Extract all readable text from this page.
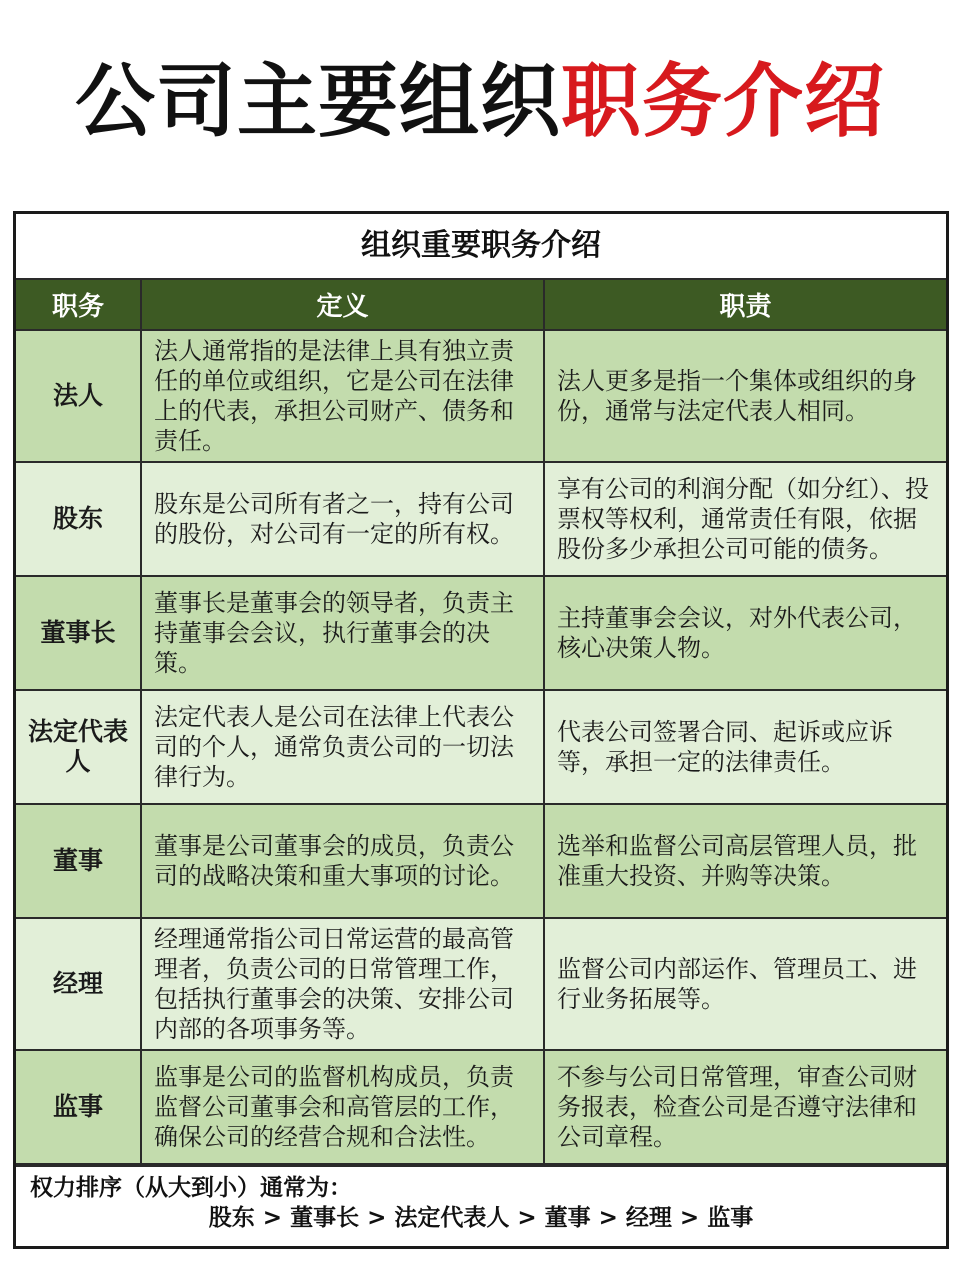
公司主要组织职务介绍
组织重要职务介绍
职务	定义	职责
法人	法人通常指的是法律上具有独立责任的单位或组织，它是公司在法律上的代表，承担公司财产、债务和责任。	法人更多是指一个集体或组织的身份，通常与法定代表人相同。
股东	股东是公司所有者之一，持有公司的股份，对公司有一定的所有权。	享有公司的利润分配（如分红）、投票权等权利，通常责任有限，依据股份多少承担公司可能的债务。
董事长	董事长是董事会的领导者，负责主持董事会会议，执行董事会的决策。	主持董事会会议，对外代表公司，核心决策人物。
法定代表人	法定代表人是公司在法律上代表公司的个人，通常负责公司的一切法律行为。	代表公司签署合同、起诉或应诉等，承担一定的法律责任。
董事	董事是公司董事会的成员，负责公司的战略决策和重大事项的讨论。	选举和监督公司高层管理人员，批准重大投资、并购等决策。
经理	经理通常指公司日常运营的最高管理者，负责公司的日常管理工作，包括执行董事会的决策、安排公司内部的各项事务等。	监督公司内部运作、管理员工、进行业务拓展等。
监事	监事是公司的监督机构成员，负责监督公司董事会和高管层的工作，确保公司的经营合规和合法性。	不参与公司日常管理，审查公司财务报表，检查公司是否遵守法律和公司章程。
权力排序（从大到小）通常为：
股东 > 董事长 > 法定代表人 > 董事 > 经理 > 监事
